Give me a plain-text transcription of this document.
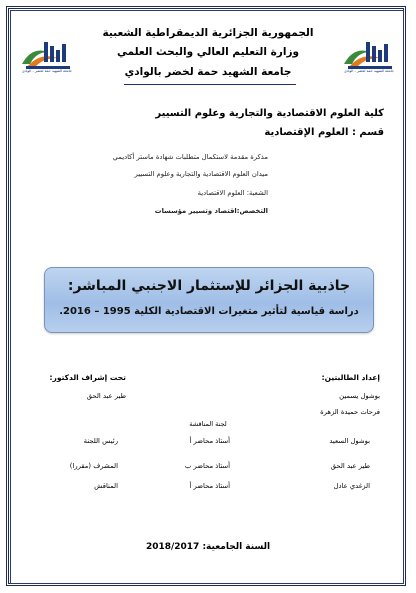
جامعة الشهيد حمة لخضر - الوادي	جامعة الشهيد حمة لخضر - الوادي
الجمهورية الجزائرية الديمقراطية الشعبية
وزارة التعليم العالي والبحث العلمي
جامعة الشهيد حمة لخضر بالوادي
كلية العلوم الاقتصادية والتجارية وعلوم التسيير
قسم : العلوم الإقتصادية
مذكرة مقدمة لاستكمال متطلبات شهادة ماستر أكاديمي
ميدان العلوم الاقتصادية والتجارية وعلوم التسيير
الشعبة: العلوم الاقتصادية
التخصص:اقتصاد وتسيير مؤسسات
جاذبية الجزائر للإستثمار الاجنبي المباشر:
دراسة قياسية لتأثير متغيرات الاقتصادية الكلية 1995 – 2016.
إعداد الطالبتين:
بوشول يسمين
فرحات حميدة الزهرة
تحت إشراف الدكتور:
طير عبد الحق
لجنة المناقشة
بوشول السعيد
أستاذ محاضر أ
رئيس اللجنة
طير عبد الحق
أستاذ محاضر ب
المشرف (مقررا)
الزغدي عادل
أستاذ محاضر أ
المناقش
السنة الجامعية: 2018/2017
